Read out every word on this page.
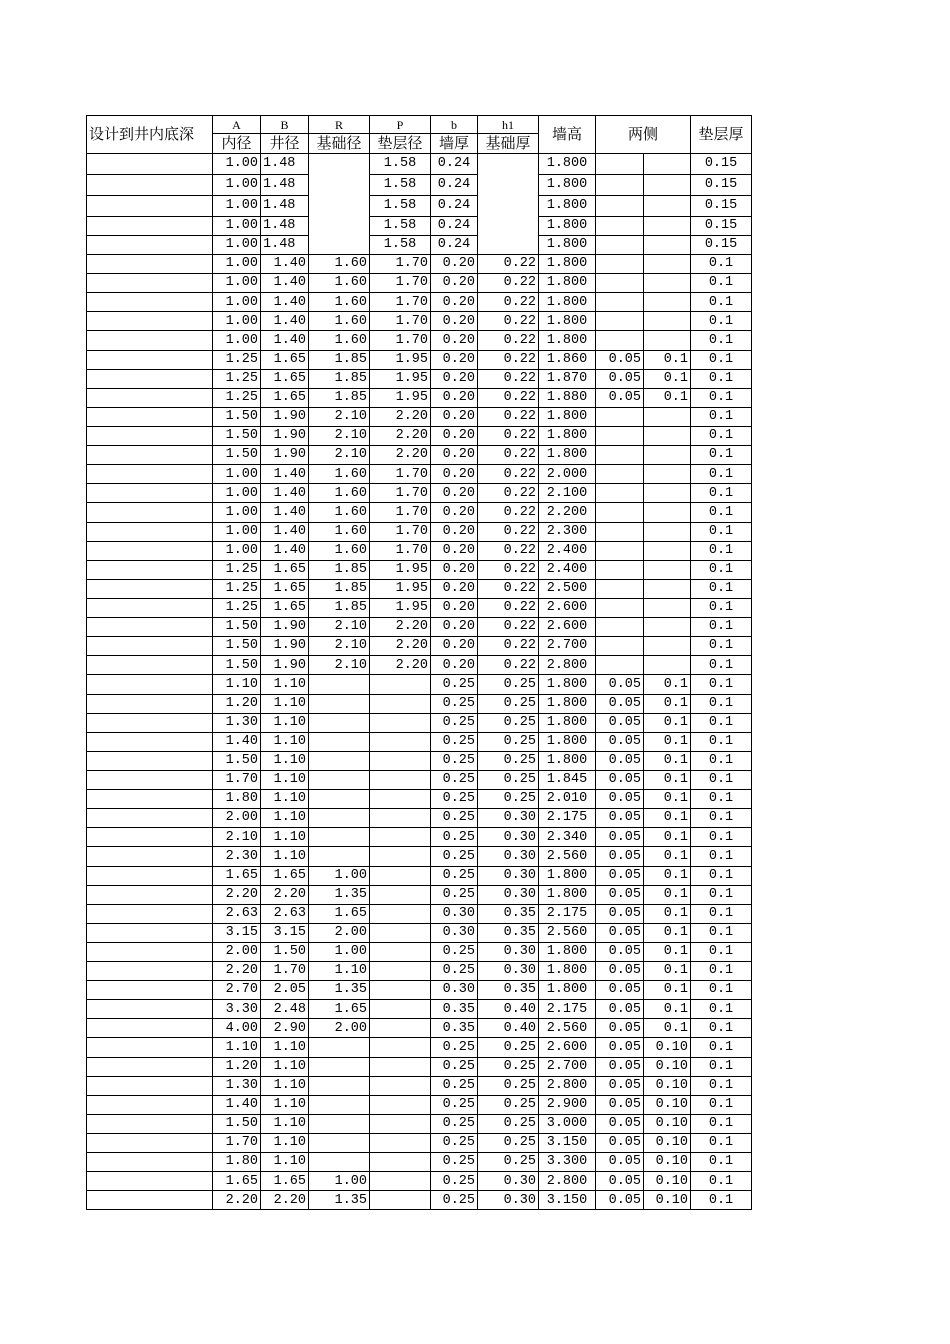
设计到井内底深	A	B	R	P	b	h1	墙高	两侧		垫层厚
	内径	井径	基础径	垫层径	墙厚	基础厚				
	1.00	1.48		1.58	0.24		1.800			0.15
	1.00	1.48		1.58	0.24		1.800			0.15
	1.00	1.48		1.58	0.24		1.800			0.15
	1.00	1.48		1.58	0.24		1.800			0.15
	1.00	1.48		1.58	0.24		1.800			0.15
	1.00	1.40	1.60	1.70	0.20	0.22	1.800			0.1
	1.00	1.40	1.60	1.70	0.20	0.22	1.800			0.1
	1.00	1.40	1.60	1.70	0.20	0.22	1.800			0.1
	1.00	1.40	1.60	1.70	0.20	0.22	1.800			0.1
	1.00	1.40	1.60	1.70	0.20	0.22	1.800			0.1
	1.25	1.65	1.85	1.95	0.20	0.22	1.860	0.05	0.1	0.1
	1.25	1.65	1.85	1.95	0.20	0.22	1.870	0.05	0.1	0.1
	1.25	1.65	1.85	1.95	0.20	0.22	1.880	0.05	0.1	0.1
	1.50	1.90	2.10	2.20	0.20	0.22	1.800			0.1
	1.50	1.90	2.10	2.20	0.20	0.22	1.800			0.1
	1.50	1.90	2.10	2.20	0.20	0.22	1.800			0.1
	1.00	1.40	1.60	1.70	0.20	0.22	2.000			0.1
	1.00	1.40	1.60	1.70	0.20	0.22	2.100			0.1
	1.00	1.40	1.60	1.70	0.20	0.22	2.200			0.1
	1.00	1.40	1.60	1.70	0.20	0.22	2.300			0.1
	1.00	1.40	1.60	1.70	0.20	0.22	2.400			0.1
	1.25	1.65	1.85	1.95	0.20	0.22	2.400			0.1
	1.25	1.65	1.85	1.95	0.20	0.22	2.500			0.1
	1.25	1.65	1.85	1.95	0.20	0.22	2.600			0.1
	1.50	1.90	2.10	2.20	0.20	0.22	2.600			0.1
	1.50	1.90	2.10	2.20	0.20	0.22	2.700			0.1
	1.50	1.90	2.10	2.20	0.20	0.22	2.800			0.1
	1.10	1.10			0.25	0.25	1.800	0.05	0.1	0.1
	1.20	1.10			0.25	0.25	1.800	0.05	0.1	0.1
	1.30	1.10			0.25	0.25	1.800	0.05	0.1	0.1
	1.40	1.10			0.25	0.25	1.800	0.05	0.1	0.1
	1.50	1.10			0.25	0.25	1.800	0.05	0.1	0.1
	1.70	1.10			0.25	0.25	1.845	0.05	0.1	0.1
	1.80	1.10			0.25	0.25	2.010	0.05	0.1	0.1
	2.00	1.10			0.25	0.30	2.175	0.05	0.1	0.1
	2.10	1.10			0.25	0.30	2.340	0.05	0.1	0.1
	2.30	1.10			0.25	0.30	2.560	0.05	0.1	0.1
	1.65	1.65	1.00		0.25	0.30	1.800	0.05	0.1	0.1
	2.20	2.20	1.35		0.25	0.30	1.800	0.05	0.1	0.1
	2.63	2.63	1.65		0.30	0.35	2.175	0.05	0.1	0.1
	3.15	3.15	2.00		0.30	0.35	2.560	0.05	0.1	0.1
	2.00	1.50	1.00		0.25	0.30	1.800	0.05	0.1	0.1
	2.20	1.70	1.10		0.25	0.30	1.800	0.05	0.1	0.1
	2.70	2.05	1.35		0.30	0.35	1.800	0.05	0.1	0.1
	3.30	2.48	1.65		0.35	0.40	2.175	0.05	0.1	0.1
	4.00	2.90	2.00		0.35	0.40	2.560	0.05	0.1	0.1
	1.10	1.10			0.25	0.25	2.600	0.05	0.10	0.1
	1.20	1.10			0.25	0.25	2.700	0.05	0.10	0.1
	1.30	1.10			0.25	0.25	2.800	0.05	0.10	0.1
	1.40	1.10			0.25	0.25	2.900	0.05	0.10	0.1
	1.50	1.10			0.25	0.25	3.000	0.05	0.10	0.1
	1.70	1.10			0.25	0.25	3.150	0.05	0.10	0.1
	1.80	1.10			0.25	0.25	3.300	0.05	0.10	0.1
	1.65	1.65	1.00		0.25	0.30	2.800	0.05	0.10	0.1
	2.20	2.20	1.35		0.25	0.30	3.150	0.05	0.10	0.1
